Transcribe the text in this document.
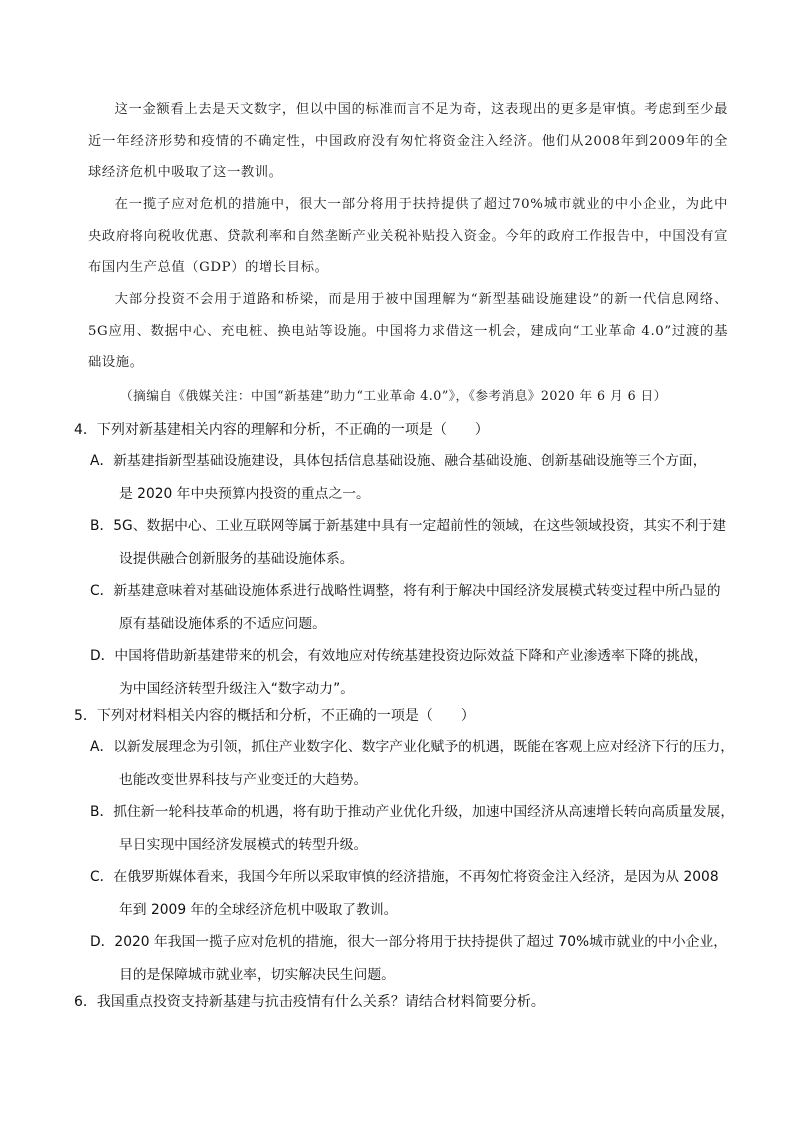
这一金额看上去是天文数字，但以中国的标准而言不足为奇，这表现出的更多是审慎。考虑到至少最近一年经济形势和疫情的不确定性，中国政府没有匆忙将资金注入经济。他们从2008年到2009年的全球经济危机中吸取了这一教训。

在一揽子应对危机的措施中，很大一部分将用于扶持提供了超过70%城市就业的中小企业，为此中央政府将向税收优惠、贷款利率和自然垄断产业关税补贴投入资金。今年的政府工作报告中，中国没有宣布国内生产总值（GDP）的增长目标。

大部分投资不会用于道路和桥梁，而是用于被中国理解为“新型基础设施建设”的新一代信息网络、5G应用、数据中心、充电桩、换电站等设施。中国将力求借这一机会，建成向“工业革命 4.0”过渡的基础设施。

（摘编自《俄媒关注：中国“新基建”助力“工业革命 4.0”》，《参考消息》2020 年 6 月 6 日）

4．下列对新基建相关内容的理解和分析，不正确的一项是（　　）

A．新基建指新型基础设施建设，具体包括信息基础设施、融合基础设施、创新基础设施等三个方面，
是 2020 年中央预算内投资的重点之一。
B．5G、数据中心、工业互联网等属于新基建中具有一定超前性的领域，在这些领域投资，其实不利于建
设提供融合创新服务的基础设施体系。
C．新基建意味着对基础设施体系进行战略性调整，将有利于解决中国经济发展模式转变过程中所凸显的
原有基础设施体系的不适应问题。
D．中国将借助新基建带来的机会，有效地应对传统基建投资边际效益下降和产业渗透率下降的挑战，
为中国经济转型升级注入“数字动力”。

5．下列对材料相关内容的概括和分析，不正确的一项是（　　）

A．以新发展理念为引领，抓住产业数字化、数字产业化赋予的机遇，既能在客观上应对经济下行的压力，
也能改变世界科技与产业变迁的大趋势。
B．抓住新一轮科技革命的机遇，将有助于推动产业优化升级，加速中国经济从高速增长转向高质量发展，
早日实现中国经济发展模式的转型升级。
C．在俄罗斯媒体看来，我国今年所以采取审慎的经济措施，不再匆忙将资金注入经济，是因为从 2008
年到 2009 年的全球经济危机中吸取了教训。
D．2020 年我国一揽子应对危机的措施，很大一部分将用于扶持提供了超过 70%城市就业的中小企业，
目的是保障城市就业率，切实解决民生问题。

6．我国重点投资支持新基建与抗击疫情有什么关系？请结合材料简要分析。
